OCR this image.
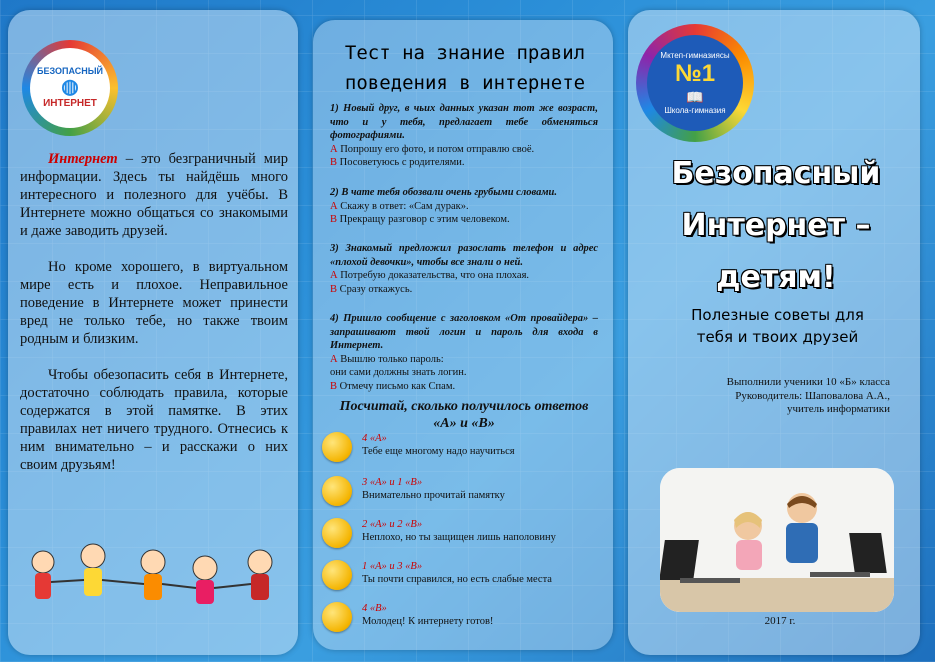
БЕЗОПАСНЫЙ
◍
ИНТЕРНЕТ

Интернет – это безграничный мир информации. Здесь ты найдёшь много интересного и полезного для учёбы. В Интернете можно общаться со знакомыми и даже заводить друзей.

Но кроме хорошего, в виртуальном мире есть и плохое. Неправильное поведение в Интернете может принести вред не только тебе, но также твоим родным и близким.

Чтобы обезопасить себя в Интернете, достаточно соблюдать правила, которые содержатся в этой памятке. В этих правилах нет ничего трудного. Отнесись к ним внимательно – и расскажи о них своим друзьям!

Тест на знание правил
поведения в интернете
1) Новый друг, в чьих данных указан тот же возраст, что и у тебя, предлагает тебе обменяться фотографиями.
А Попрошу его фото, и потом отправлю своё.
В Посоветуюсь с родителями.
2) В чате тебя обозвали очень грубыми словами.
А Скажу в ответ: «Сам дурак».
В Прекращу разговор с этим человеком.
3) Знакомый предложил разослать телефон и адрес «плохой девочки», чтобы все знали о ней.
А Потребую доказательства, что она плохая.
В Сразу откажусь.
4) Пришло сообщение с заголовком «От провайдера» – запрашивают твой логин и пароль для входа в Интернет.
А Вышлю только пароль:
они сами должны знать логин.
В Отмечу письмо как Спам.
Посчитай, сколько получилось ответов «А» и «В»
4 «А»
Тебе еще многому надо научиться
3 «А» и 1 «В»
Внимательно прочитай памятку
2 «А» и 2 «В»
Неплохо, но ты защищен лишь наполовину
1 «А» и 3 «В»
Ты почти справился, но есть слабые места
4 «В»
Молодец! К интернету готов!
Мктеп-гимназиясы
№1
📖
Школа-гимназия
Безопасный
Интернет –
детям!
Полезные советы для
тебя и твоих друзей
Выполнили ученики 10 «Б» класса
Руководитель: Шаповалова А.А.,
учитель информатики
2017 г.
